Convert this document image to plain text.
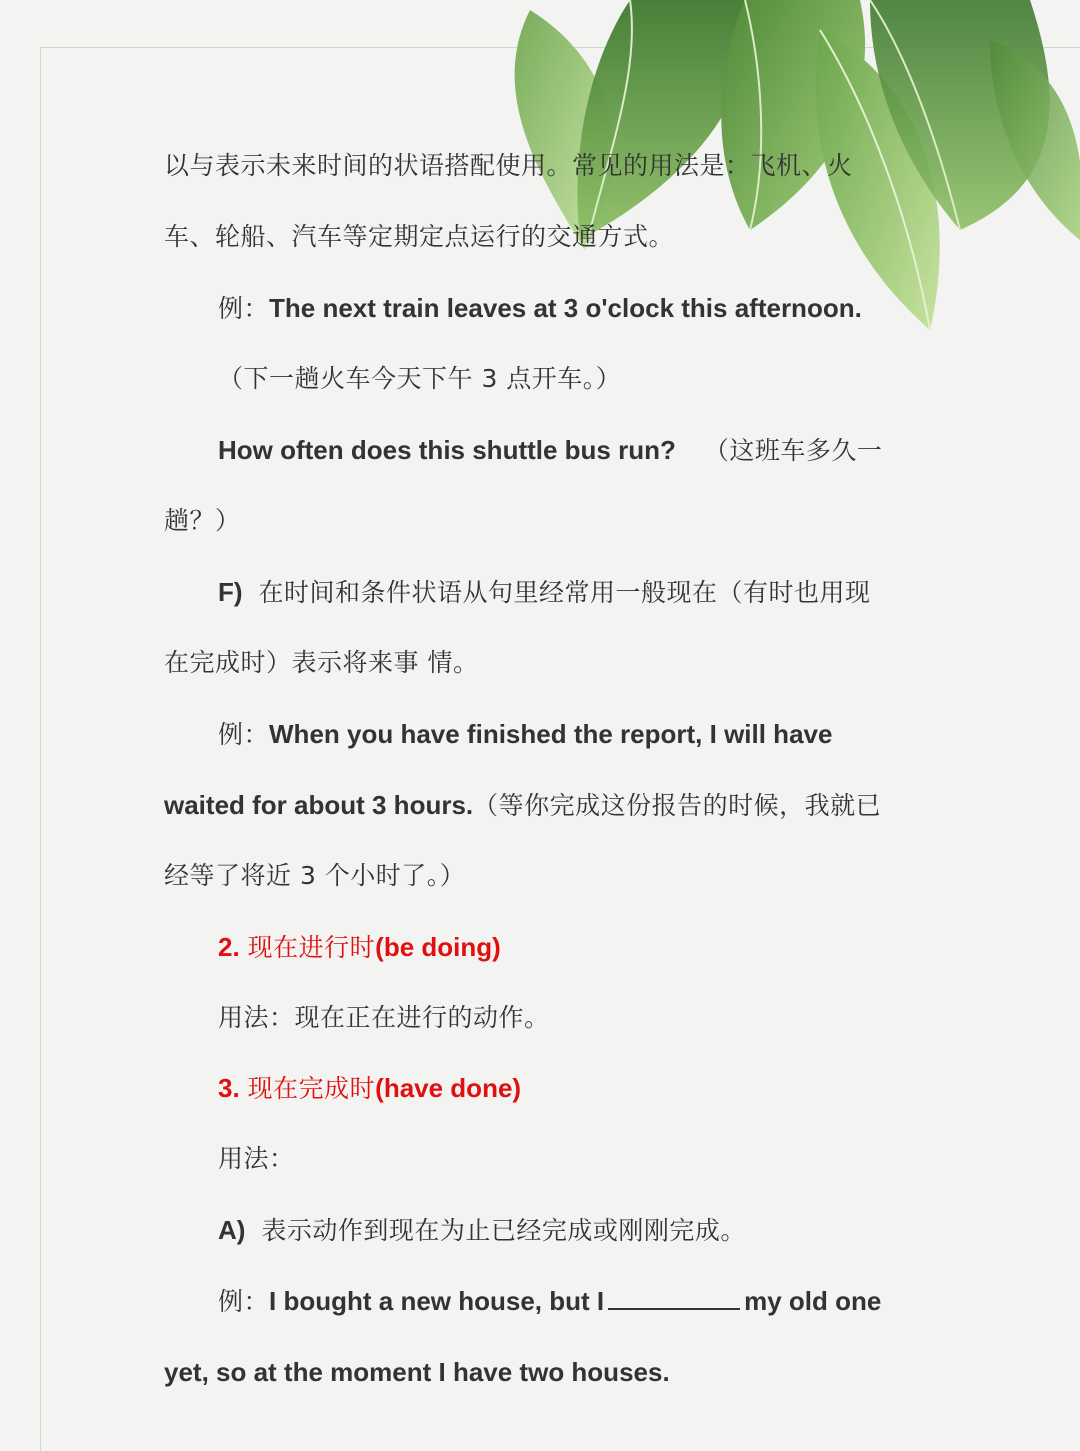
以与表示未来时间的状语搭配使用。常见的用法是：飞机、火
车、轮船、汽车等定期定点运行的交通方式。
例：The next train leaves at 3 o'clock this afternoon.
（下一趟火车今天下午 3 点开车。）
How often does this shuttle bus run? （这班车多久一
趟？）
F) 在时间和条件状语从句里经常用一般现在（有时也用现
在完成时）表示将来事 情。
例：When you have finished the report, I will have
waited for about 3 hours.（等你完成这份报告的时候，我就已
经等了将近 3 个小时了。）
2. 现在进行时(be doing)
用法：现在正在进行的动作。
3. 现在完成时(have done)
用法：
A) 表示动作到现在为止已经完成或刚刚完成。
例：I bought a new house, but I	my old one
yet, so at the moment I have two houses.
